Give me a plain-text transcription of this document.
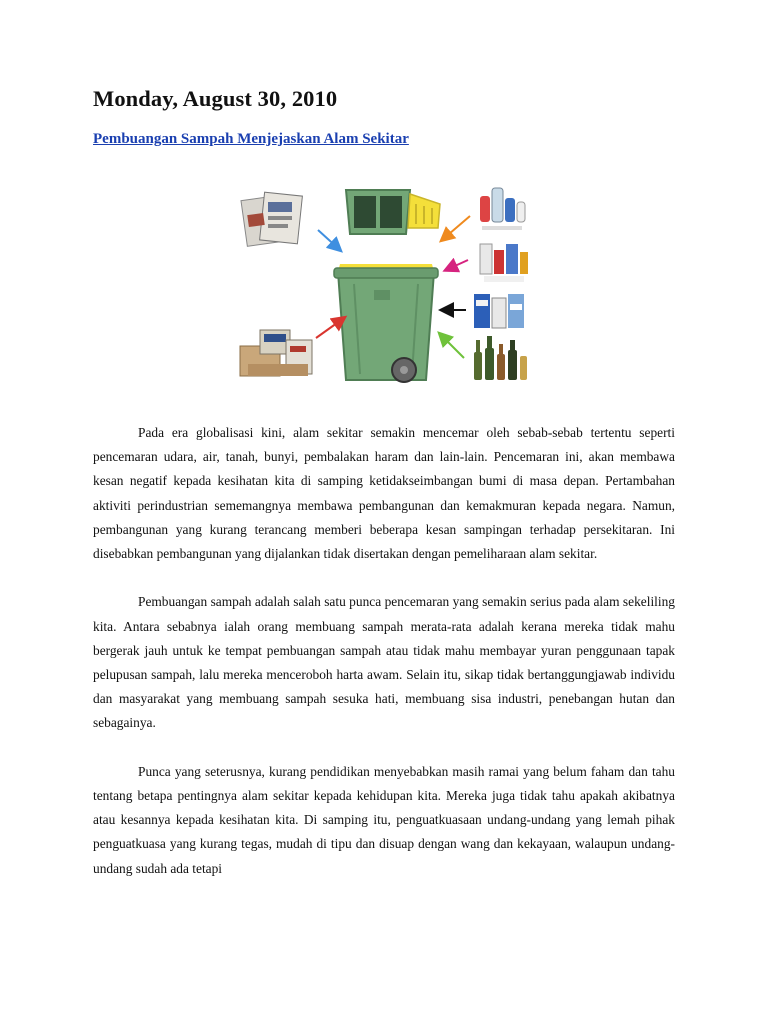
Monday, August 30, 2010
Pembuangan Sampah Menjejaskan Alam Sekitar

Pada era globalisasi kini, alam sekitar semakin mencemar oleh sebab-sebab tertentu seperti pencemaran udara, air, tanah, bunyi, pembalakan haram dan lain-lain. Pencemaran ini, akan membawa kesan negatif kepada kesihatan kita di samping ketidakseimbangan bumi di masa depan. Pertambahan aktiviti perindustrian sememangnya membawa pembangunan dan kemakmuran kepada negara. Namun, pembangunan yang kurang terancang memberi beberapa kesan sampingan terhadap persekitaran. Ini disebabkan pembangunan yang dijalankan tidak disertakan dengan pemeliharaan alam sekitar.

Pembuangan sampah adalah salah satu punca pencemaran yang semakin serius pada alam sekeliling kita. Antara sebabnya ialah orang membuang sampah merata-rata adalah kerana mereka tidak mahu bergerak jauh untuk ke tempat pembuangan sampah atau tidak mahu membayar yuran penggunaan tapak pelupusan sampah, lalu mereka menceroboh harta awam. Selain itu, sikap tidak bertanggungjawab individu dan masyarakat yang membuang sampah sesuka hati, membuang sisa industri, penebangan hutan dan sebagainya.

Punca yang seterusnya, kurang pendidikan menyebabkan masih ramai yang belum faham dan tahu tentang betapa pentingnya alam sekitar kepada kehidupan kita. Mereka juga tidak tahu apakah akibatnya atau kesannya kepada kesihatan kita. Di samping itu, penguatkuasaan undang-undang yang lemah pihak penguatkuasa yang kurang tegas, mudah di tipu dan disuap dengan wang dan kekayaan, walaupun undang-undang sudah ada tetapi
